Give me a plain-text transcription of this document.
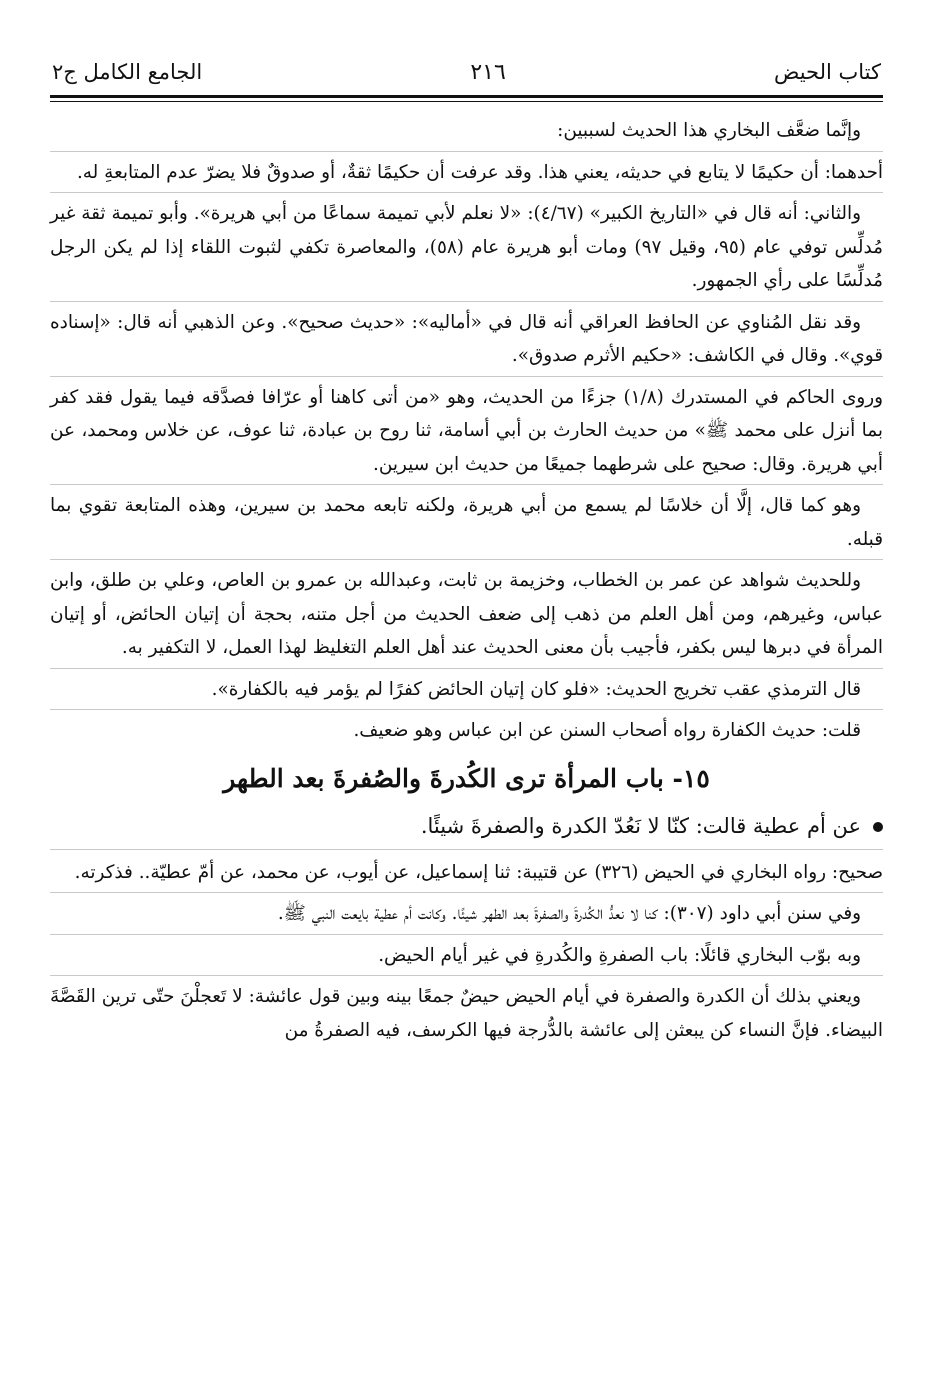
كتاب الحيض
٢١٦
الجامع الكامل ج٢

وإنَّما ضعَّف البخاري هذا الحديث لسببين:

أحدهما: أن حكيمًا لا يتابع في حديثه، يعني هذا. وقد عرفت أن حكيمًا ثقةٌ، أو صدوقٌ فلا يضرّ عدم المتابعةِ له.

والثاني: أنه قال في «التاريخ الكبير» (٤/٦٧): «لا نعلم لأبي تميمة سماعًا من أبي هريرة». وأبو تميمة ثقة غير مُدلِّس توفي عام (٩٥، وقيل ٩٧) ومات أبو هريرة عام (٥٨)، والمعاصرة تكفي لثبوت اللقاء إذا لم يكن الرجل مُدلِّسًا على رأي الجمهور.

وقد نقل المُناوي عن الحافظ العراقي أنه قال في «أماليه»: «حديث صحيح». وعن الذهبي أنه قال: «إسناده قوي». وقال في الكاشف: «حكيم الأثرم صدوق».

وروى الحاكم في المستدرك (١/٨) جزءًا من الحديث، وهو «من أتى كاهنا أو عرّافا فصدَّقه فيما يقول فقد كفر بما أنزل على محمد ﷺ» من حديث الحارث بن أبي أسامة، ثنا روح بن عبادة، ثنا عوف، عن خلاس ومحمد، عن أبي هريرة. وقال: صحيح على شرطهما جميعًا من حديث ابن سيرين.

وهو كما قال، إلَّا أن خلاسًا لم يسمع من أبي هريرة، ولكنه تابعه محمد بن سيرين، وهذه المتابعة تقوي بما قبله.

وللحديث شواهد عن عمر بن الخطاب، وخزيمة بن ثابت، وعبدالله بن عمرو بن العاص، وعلي بن طلق، وابن عباس، وغيرهم، ومن أهل العلم من ذهب إلى ضعف الحديث من أجل متنه، بحجة أن إتيان الحائض، أو إتيان المرأة في دبرها ليس بكفر، فأجيب بأن معنى الحديث عند أهل العلم التغليظ لهذا العمل، لا التكفير به.

قال الترمذي عقب تخريج الحديث: «فلو كان إتيان الحائض كفرًا لم يؤمر فيه بالكفارة».

قلت: حديث الكفارة رواه أصحاب السنن عن ابن عباس وهو ضعيف.

١٥- باب المرأة ترى الكُدرةَ والصُفرةَ بعد الطهر
عن أم عطية قالت: كنّا لا نَعُدّ الكدرة والصفرةَ شيئًا.

صحيح: رواه البخاري في الحيض (٣٢٦) عن قتيبة: ثنا إسماعيل، عن أيوب، عن محمد، عن أمّ عطيّة.. فذكرته.

وفي سنن أبي داود (٣٠٧): كنا لا نعدُّ الكُدرةَ والصفرةَ بعد الطهر شيئًا. وكانت أم عطية بايعت النبي ﷺ.

وبه بوّب البخاري قائلًا: باب الصفرةِ والكُدرةِ في غير أيام الحيض.

ويعني بذلك أن الكدرة والصفرة في أيام الحيض حيضٌ جمعًا بينه وبين قول عائشة: لا تَعجلْنَ حتّى ترين القَصَّةَ البيضاء. فإنَّ النساء كن يبعثن إلى عائشة بالدُّرجة فيها الكرسف، فيه الصفرةُ من
